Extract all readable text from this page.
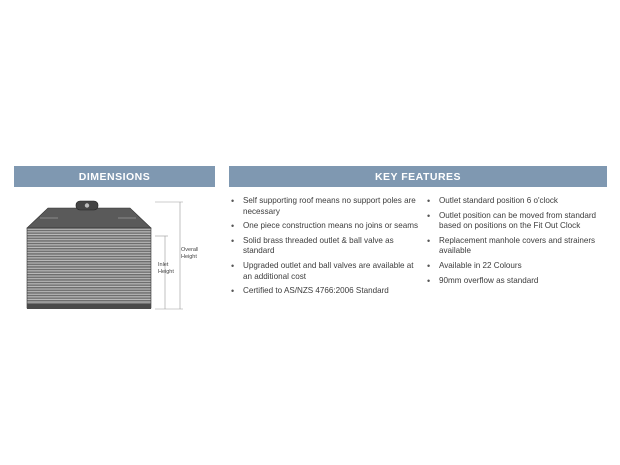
DIMENSIONS	KEY FEATURES
Overall
Height
Inlet
Height
• Self supporting roof means no support poles are necessary
• One piece construction means no joins or seams
• Solid brass threaded outlet & ball valve as standard
• Upgraded outlet and ball valves are available at an additional cost
• Certified to AS/NZS 4766:2006 Standard
• Outlet standard position 6 o'clock
• Outlet position can be moved from standard based on positions on the Fit Out Clock
• Replacement manhole covers and strainers available
• Available in 22 Colours
• 90mm overflow as standard
